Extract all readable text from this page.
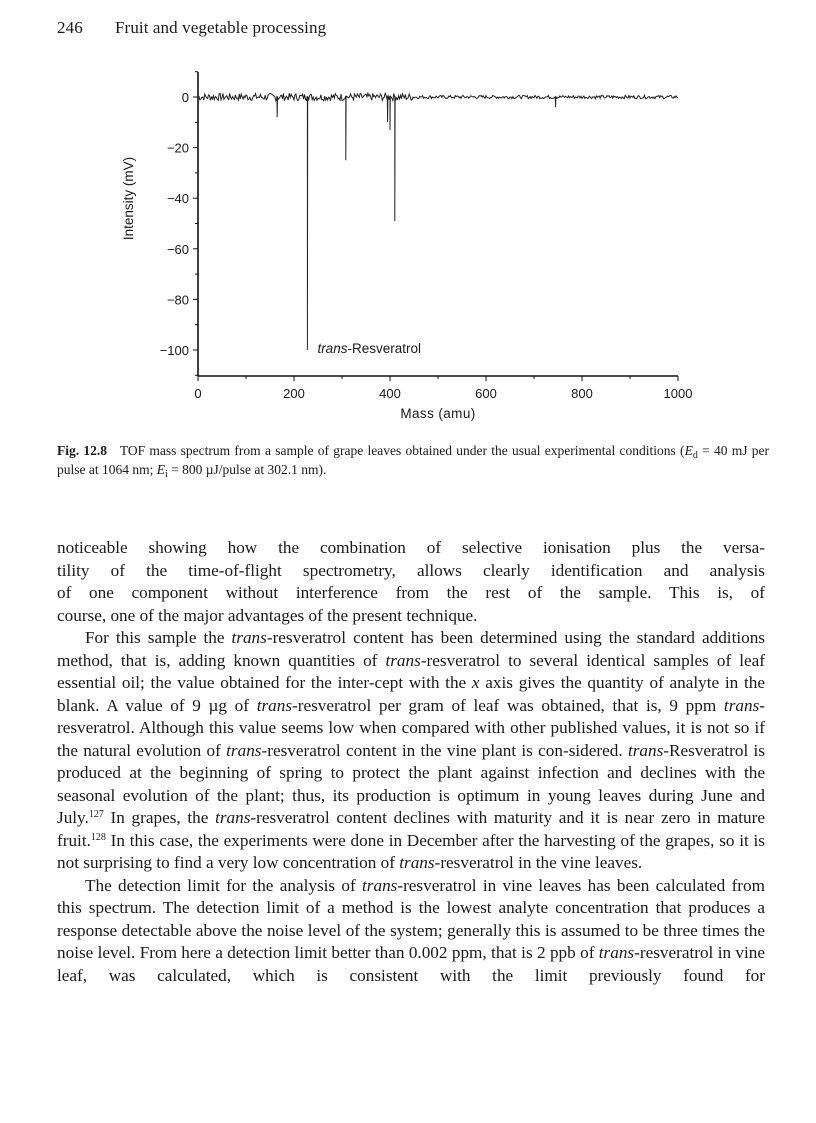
246 Fruit and vegetable processing
0
−20
−40
−60
−80
−100
0	200	400	600	800	1000
Mass (amu)
Intensity (mV)
trans-Resveratrol
Fig. 12.8 TOF mass spectrum from a sample of grape leaves obtained under the usual experimental conditions ($E_d = 40$ mJ per pulse at 1064 nm; $E_i = 800$ µJ/pulse at 302.1 nm).

noticeable showing how the combination of selective ionisation plus the versa-

tility of the time-of-flight spectrometry, allows clearly identification and analysis

of one component without interference from the rest of the sample. This is, of

course, one of the major advantages of the present technique.

For this sample the trans-resveratrol content has been determined using the standard additions method, that is, adding known quantities of trans-resveratrol to several identical samples of leaf essential oil; the value obtained for the inter-cept with the x axis gives the quantity of analyte in the blank. A value of 9 µg of trans-resveratrol per gram of leaf was obtained, that is, 9 ppm trans-resveratrol. Although this value seems low when compared with other published values, it is not so if the natural evolution of trans-resveratrol content in the vine plant is con-sidered. trans-Resveratrol is produced at the beginning of spring to protect the plant against infection and declines with the seasonal evolution of the plant; thus, its production is optimum in young leaves during June and July.$^{127}$ In grapes, the trans-resveratrol content declines with maturity and it is near zero in mature fruit.$^{128}$ In this case, the experiments were done in December after the harvesting of the grapes, so it is not surprising to find a very low concentration of trans-resveratrol in the vine leaves.

The detection limit for the analysis of trans-resveratrol in vine leaves has been calculated from this spectrum. The detection limit of a method is the lowest analyte concentration that produces a response detectable above the noise level of the system; generally this is assumed to be three times the noise level. From here a detection limit better than 0.002 ppm, that is 2 ppb of trans-resveratrol in vine leaf, was calculated, which is consistent with the limit previously found for
